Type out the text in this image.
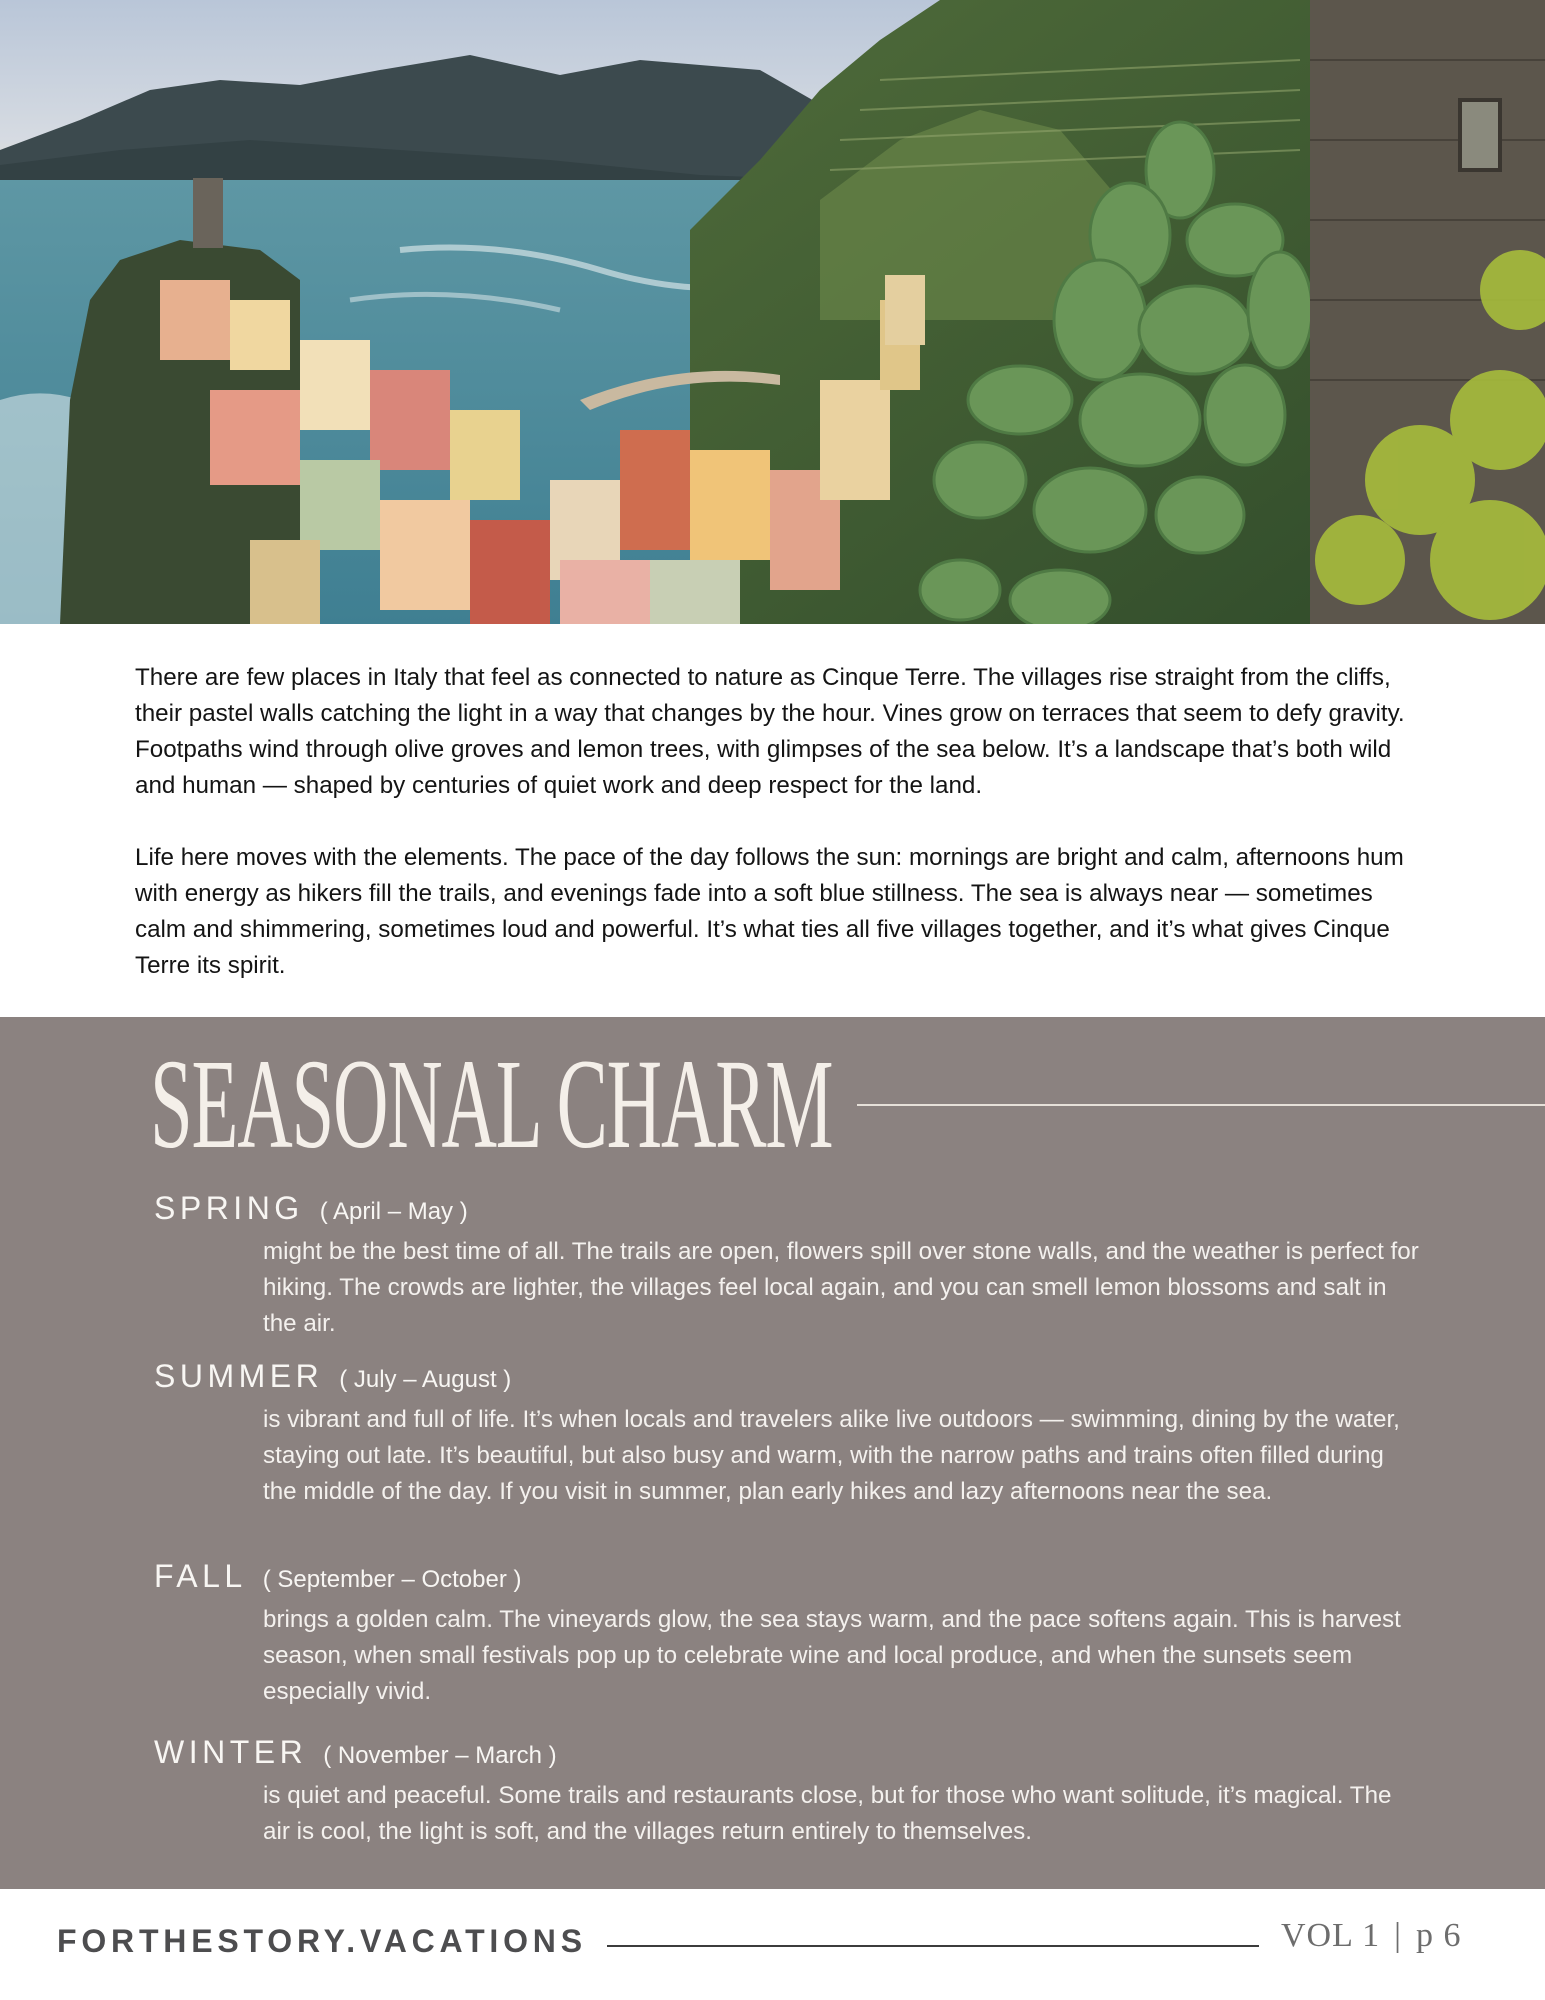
There are few places in Italy that feel as connected to nature as Cinque Terre. The villages rise straight from the cliffs, their pastel walls catching the light in a way that changes by the hour. Vines grow on terraces that seem to defy gravity. Footpaths wind through olive groves and lemon trees, with glimpses of the sea below. It’s a landscape that’s both wild and human — shaped by centuries of quiet work and deep respect for the land.

Life here moves with the elements. The pace of the day follows the sun: mornings are bright and calm, afternoons hum with energy as hikers fill the trails, and evenings fade into a soft blue stillness. The sea is always near — sometimes calm and shimmering, sometimes loud and powerful. It’s what ties all five villages together, and it’s what gives Cinque Terre its spirit.

SEASONAL CHARM
SPRING ( April – May )
might be the best time of all. The trails are open, flowers spill over stone walls, and the weather is perfect for hiking. The crowds are lighter, the villages feel local again, and you can smell lemon blossoms and salt in the air.
SUMMER ( July – August )
is vibrant and full of life. It’s when locals and travelers alike live outdoors — swimming, dining by the water, staying out late. It’s beautiful, but also busy and warm, with the narrow paths and trains often filled during the middle of the day. If you visit in summer, plan early hikes and lazy afternoons near the sea.
FALL ( September – October )
brings a golden calm. The vineyards glow, the sea stays warm, and the pace softens again. This is harvest season, when small festivals pop up to celebrate wine and local produce, and when the sunsets seem especially vivid.
WINTER ( November – March )
is quiet and peaceful. Some trails and restaurants close, but for those who want solitude, it’s magical. The air is cool, the light is soft, and the villages return entirely to themselves.
FORTHESTORY.VACATIONS	VOL 1 | p 6
